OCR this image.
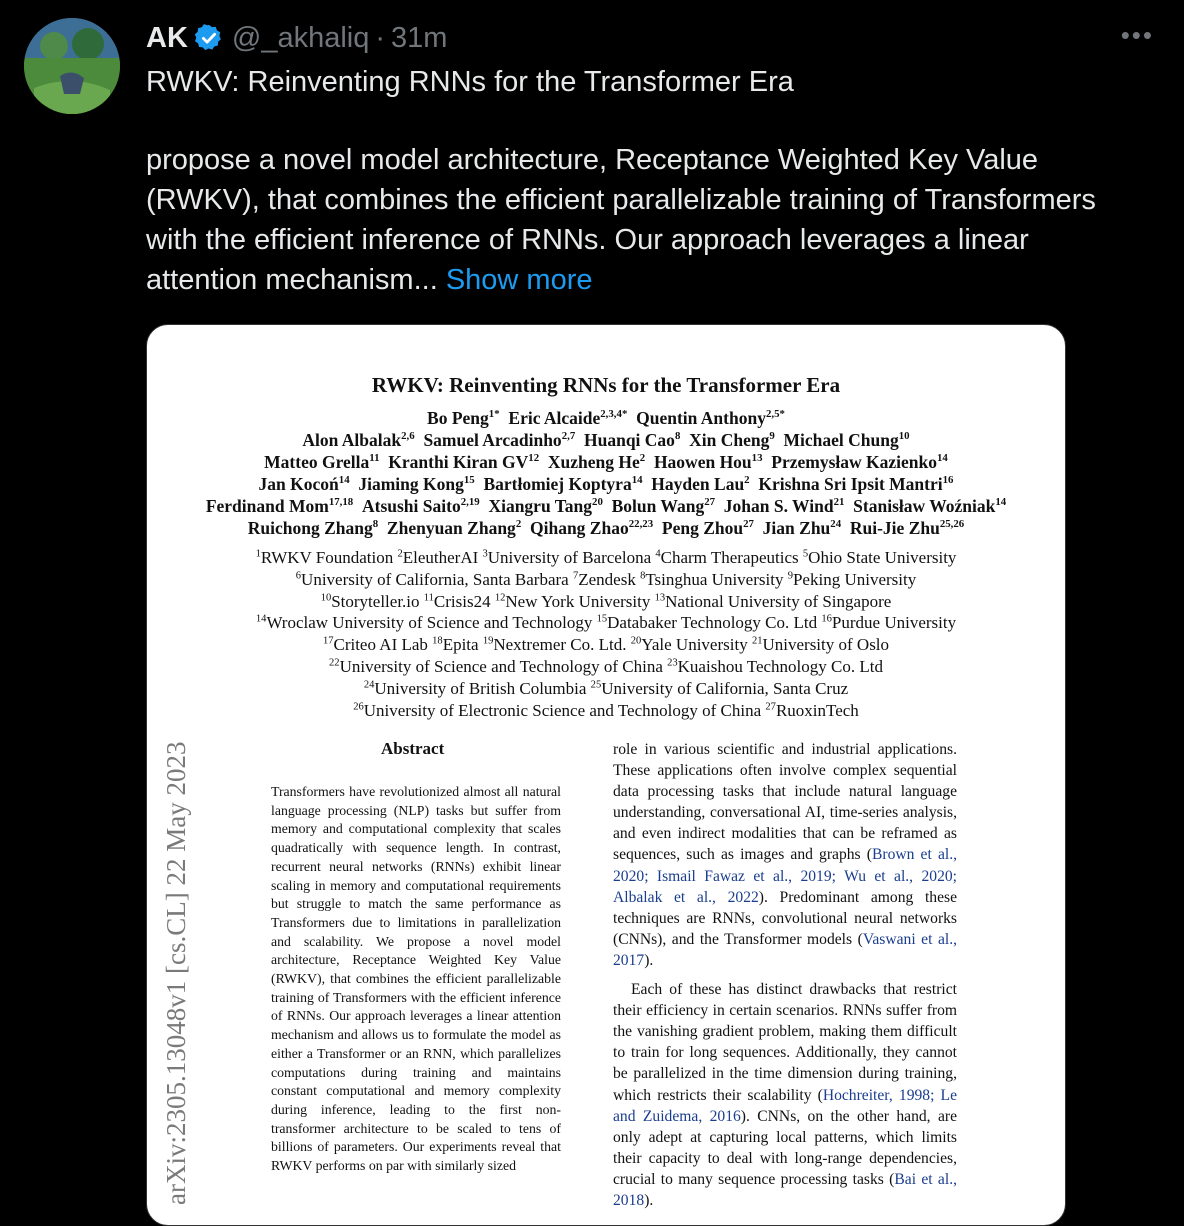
AK @_akhaliq · 31m	•••
RWKV: Reinventing RNNs for the Transformer Era
propose a novel model architecture, Receptance Weighted Key Value (RWKV), that combines the efficient parallelizable training of Transformers with the efficient inference of RNNs. Our approach leverages a linear attention mechanism... Show more
RWKV: Reinventing RNNs for the Transformer Era
Bo Peng$^{1*}$  Eric Alcaide$^{2,3,4*}$  Quentin Anthony$^{2,5*}$
Alon Albalak$^{2,6}$  Samuel Arcadinho$^{2,7}$  Huanqi Cao$^8$  Xin Cheng$^9$  Michael Chung$^{10}$
Matteo Grella$^{11}$  Kranthi Kiran GV$^{12}$  Xuzheng He$^2$  Haowen Hou$^{13}$  Przemysław Kazienko$^{14}$
Jan Kocoń$^{14}$  Jiaming Kong$^{15}$  Bartłomiej Koptyra$^{14}$  Hayden Lau$^2$  Krishna Sri Ipsit Mantri$^{16}$
Ferdinand Mom$^{17,18}$  Atsushi Saito$^{2,19}$  Xiangru Tang$^{20}$  Bolun Wang$^{27}$  Johan S. Wind$^{21}$  Stanisław Woźniak$^{14}$
Ruichong Zhang$^8$  Zhenyuan Zhang$^2$  Qihang Zhao$^{22,23}$  Peng Zhou$^{27}$  Jian Zhu$^{24}$  Rui-Jie Zhu$^{25,26}$
$^1$RWKV Foundation $^2$EleutherAI $^3$University of Barcelona $^4$Charm Therapeutics $^5$Ohio State University
$^6$University of California, Santa Barbara $^7$Zendesk $^8$Tsinghua University $^9$Peking University
$^{10}$Storyteller.io $^{11}$Crisis24 $^{12}$New York University $^{13}$National University of Singapore
$^{14}$Wroclaw University of Science and Technology $^{15}$Databaker Technology Co. Ltd $^{16}$Purdue University
$^{17}$Criteo AI Lab $^{18}$Epita $^{19}$Nextremer Co. Ltd. $^{20}$Yale University $^{21}$University of Oslo
$^{22}$University of Science and Technology of China $^{23}$Kuaishou Technology Co. Ltd
$^{24}$University of British Columbia $^{25}$University of California, Santa Cruz
$^{26}$University of Electronic Science and Technology of China $^{27}$RuoxinTech
arXiv:2305.13048v1 [cs.CL] 22 May 2023	Abstract
Transformers have revolutionized almost all natural language processing (NLP) tasks but suffer from memory and computational complexity that scales quadratically with sequence length. In contrast, recurrent neural networks (RNNs) exhibit linear scaling in memory and computational requirements but struggle to match the same performance as Transformers due to limitations in parallelization and scalability. We propose a novel model architecture, Receptance Weighted Key Value (RWKV), that combines the efficient parallelizable training of Transformers with the efficient inference of RNNs. Our approach leverages a linear attention mechanism and allows us to formulate the model as either a Transformer or an RNN, which parallelizes computations during training and maintains constant computational and memory complexity during inference, leading to the first non-transformer architecture to be scaled to tens of billions of parameters. Our experiments reveal that RWKV performs on par with similarly sized

role in various scientific and industrial applications. These applications often involve complex sequential data processing tasks that include natural language understanding, conversational AI, time-series analysis, and even indirect modalities that can be reframed as sequences, such as images and graphs (Brown et al., 2020; Ismail Fawaz et al., 2019; Wu et al., 2020; Albalak et al., 2022). Predominant among these techniques are RNNs, convolutional neural networks (CNNs), and the Transformer models (Vaswani et al., 2017).

Each of these has distinct drawbacks that restrict their efficiency in certain scenarios. RNNs suffer from the vanishing gradient problem, making them difficult to train for long sequences. Additionally, they cannot be parallelized in the time dimension during training, which restricts their scalability (Hochreiter, 1998; Le and Zuidema, 2016). CNNs, on the other hand, are only adept at capturing local patterns, which limits their capacity to deal with long-range dependencies, crucial to many sequence processing tasks (Bai et al., 2018).
